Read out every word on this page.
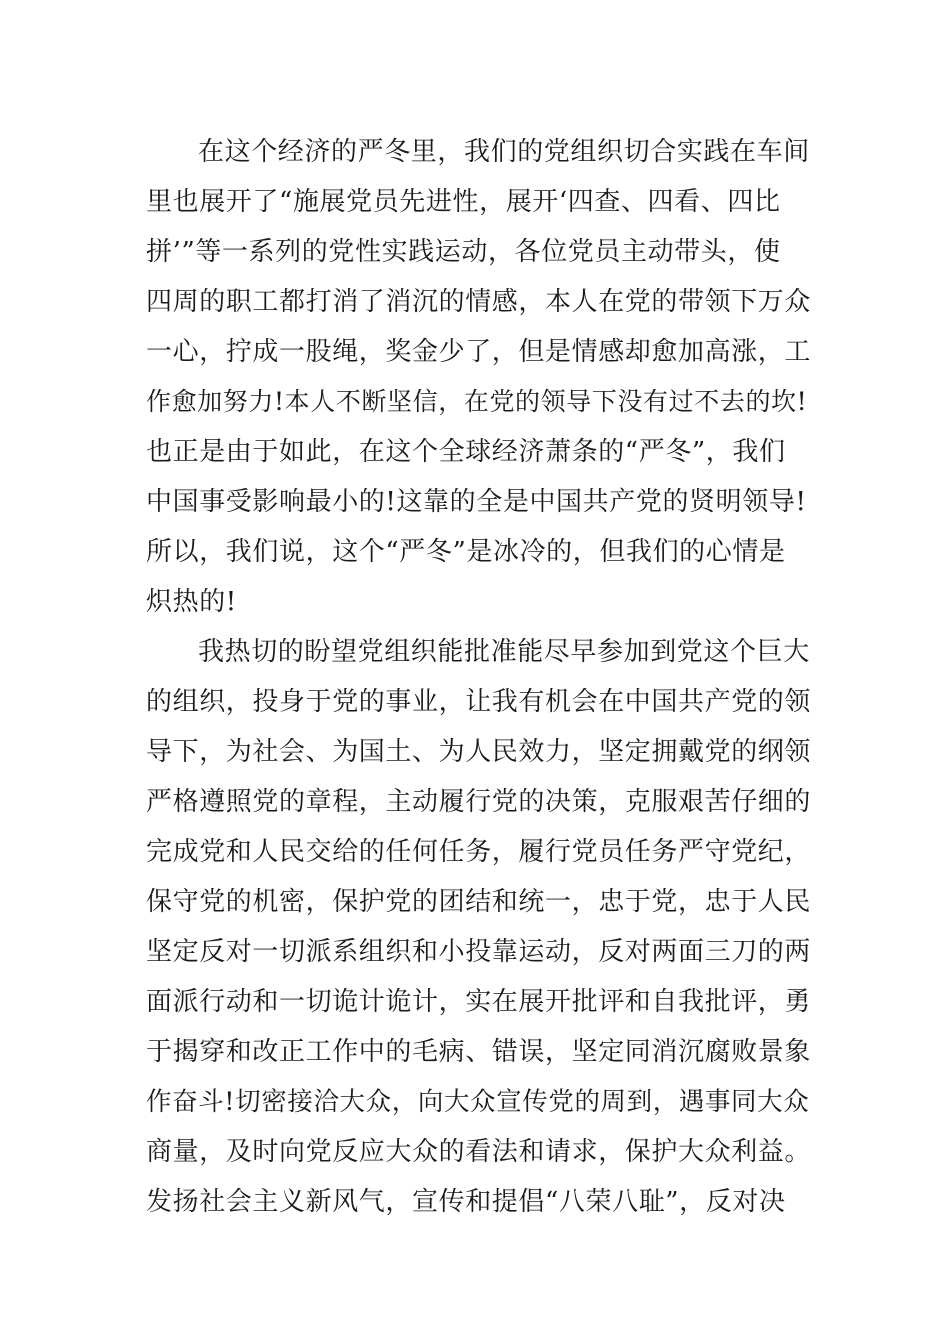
在这个经济的严冬里，我们的党组织切合实践在车间
里也展开了“施展党员先进性，展开‘四查、四看、四比
拼’”等一系列的党性实践运动，各位党员主动带头，使
四周的职工都打消了消沉的情感，本人在党的带领下万众
一心，拧成一股绳，奖金少了，但是情感却愈加高涨，工
作愈加努力!本人不断坚信，在党的领导下没有过不去的坎!
也正是由于如此，在这个全球经济萧条的“严冬”，我们
中国事受影响最小的!这靠的全是中国共产党的贤明领导!
所以，我们说，这个“严冬”是冰冷的，但我们的心情是
炽热的!
我热切的盼望党组织能批准能尽早参加到党这个巨大
的组织，投身于党的事业，让我有机会在中国共产党的领
导下，为社会、为国土、为人民效力，坚定拥戴党的纲领
严格遵照党的章程，主动履行党的决策，克服艰苦仔细的
完成党和人民交给的任何任务，履行党员任务严守党纪，
保守党的机密，保护党的团结和统一，忠于党，忠于人民
坚定反对一切派系组织和小投靠运动，反对两面三刀的两
面派行动和一切诡计诡计，实在展开批评和自我批评，勇
于揭穿和改正工作中的毛病、错误，坚定同消沉腐败景象
作奋斗!切密接洽大众，向大众宣传党的周到，遇事同大众
商量，及时向党反应大众的看法和请求，保护大众利益。
发扬社会主义新风气，宣传和提倡“八荣八耻”，反对决
